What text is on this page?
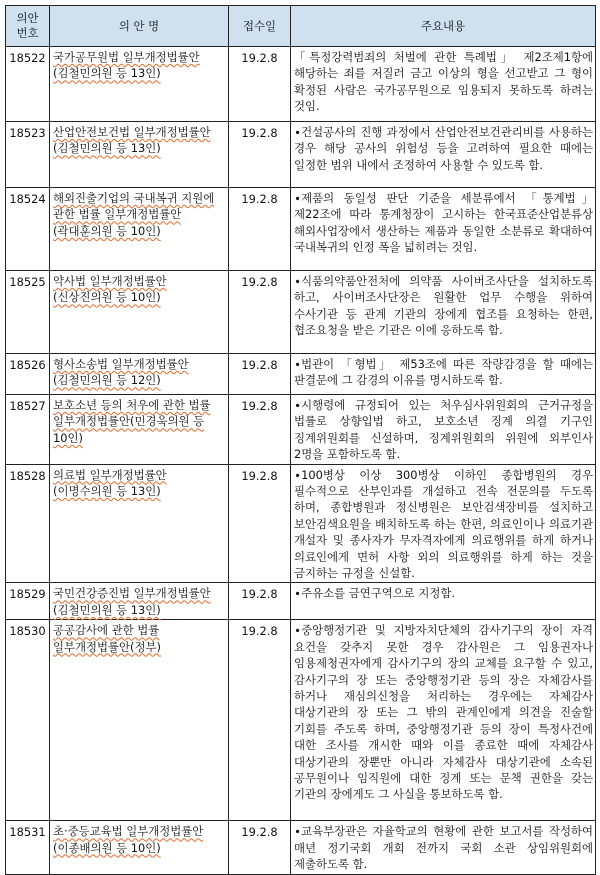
의안
번호	의 안 명	접수일	주요내용
18522	국가공무원법 일부개정법률안(김철민의원 등 13인)	19.2.8	「특정강력범죄의 처벌에 관한 특례법」 제2조제1항에 해당하는 죄를 저질러 금고 이상의 형을 선고받고 그 형이 확정된 사람은 국가공무원으로 임용되지 못하도록 하려는 것임.
18523	산업안전보건법 일부개정법률안(김철민의원 등 13인)	19.2.8	∙건설공사의 진행 과정에서 산업안전보건관리비를 사용하는 경우 해당 공사의 위험성 등을 고려하여 필요한 때에는 일정한 범위 내에서 조정하여 사용할 수 있도록 함.
18524	해외진출기업의 국내복귀 지원에 관한 법률 일부개정법률안(곽대훈의원 등 10인)	19.2.8	∙제품의 동일성 판단 기준을 세분류에서 「통계법」 제22조에 따라 통계청장이 고시하는 한국표준산업분류상 해외사업장에서 생산하는 제품과 동일한 소분류로 확대하여 국내복귀의 인정 폭을 넓히려는 것임.
18525	약사법 일부개정법률안(신상진의원 등 10인)	19.2.8	∙식품의약품안전처에 의약품 사이버조사단을 설치하도록 하고, 사이버조사단장은 원활한 업무 수행을 위하여 수사기관 등 관계 기관의 장에게 협조를 요청하는 한편, 협조요청을 받은 기관은 이에 응하도록 함.
18526	형사소송법 일부개정법률안(김철민의원 등 12인)	19.2.8	∙법관이 「형법」 제53조에 따른 작량감경을 할 때에는 판결문에 그 감경의 이유를 명시하도록 함.
18527	보호소년 등의 처우에 관한 법률 일부개정법률안(민경욱의원 등 10인)	19.2.8	∙시행령에 규정되어 있는 처우심사위원회의 근거규정을 법률로 상향입법 하고, 보호소년 징계 의결 기구인 징계위원회를 신설하며, 징계위원회의 위원에 외부인사 2명을 포함하도록 함.
18528	의료법 일부개정법률안(이명수의원 등 13인)	19.2.8	∙100병상 이상 300병상 이하인 종합병원의 경우 필수적으로 산부인과를 개설하고 전속 전문의를 두도록 하며, 종합병원과 정신병원은 보안검색장비를 설치하고 보안검색요원을 배치하도록 하는 한편, 의료인이나 의료기관 개설자 및 종사자가 무자격자에게 의료행위를 하게 하거나 의료인에게 면허 사항 외의 의료행위를 하게 하는 것을 금지하는 규정을 신설함.
18529	국민건강증진법 일부개정법률안(김철민의원 등 13인)	19.2.8	∙주유소를 금연구역으로 지정함.
18530	공공감사에 관한 법률 일부개정법률안(정부)	19.2.8	∙중앙행정기관 및 지방자치단체의 감사기구의 장이 자격 요건을 갖추지 못한 경우 감사원은 그 임용권자나 임용제청권자에게 감사기구의 장의 교체를 요구할 수 있고, 감사기구의 장 또는 중앙행정기관 등의 장은 자체감사를 하거나 재심의신청을 처리하는 경우에는 자체감사 대상기관의 장 또는 그 밖의 관계인에게 의견을 진술할 기회를 주도록 하며, 중앙행정기관 등의 장이 특정사건에 대한 조사를 개시한 때와 이를 종료한 때에 자체감사 대상기관의 장뿐만 아니라 자체감사 대상기관에 소속된 공무원이나 임직원에 대한 징계 또는 문책 권한을 갖는 기관의 장에게도 그 사실을 통보하도록 함.
18531	초·중등교육법 일부개정법률안(이종배의원 등 10인)	19.2.8	∙교육부장관은 자율학교의 현황에 관한 보고서를 작성하여 매년 정기국회 개회 전까지 국회 소관 상임위원회에 제출하도록 함.
